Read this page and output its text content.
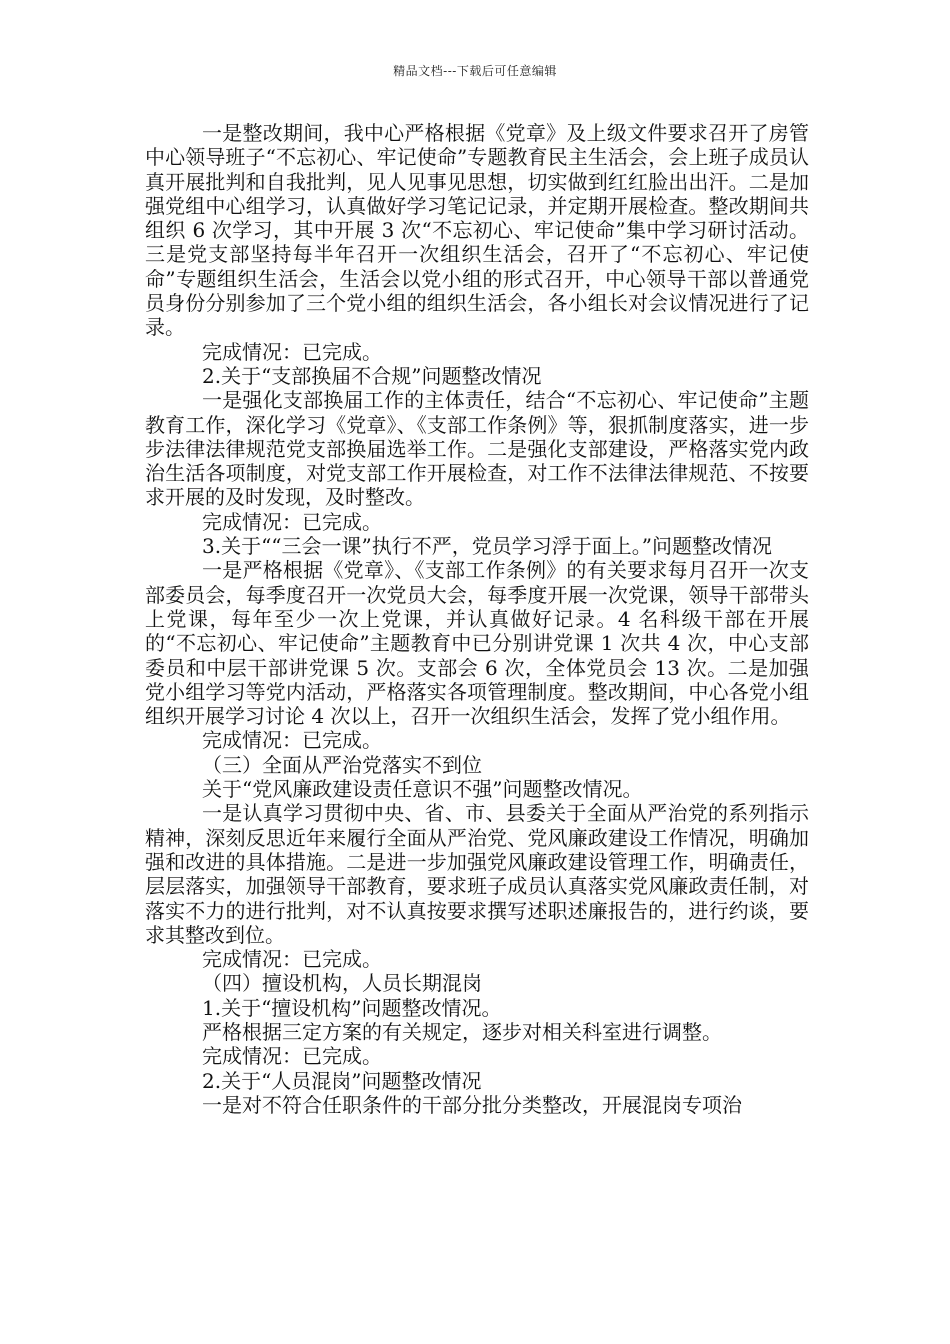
精品文档---下载后可任意编辑

一是整改期间，我中心严格根据《党章》及上级文件要求召开了房管中心领导班子“不忘初心、牢记使命”专题教育民主生活会，会上班子成员认真开展批判和自我批判，见人见事见思想，切实做到红红脸出出汗。二是加强党组中心组学习，认真做好学习笔记记录，并定期开展检查。整改期间共组织 6 次学习，其中开展 3 次“不忘初心、牢记使命”集中学习研讨活动。三是党支部坚持每半年召开一次组织生活会，召开了“不忘初心、牢记使命”专题组织生活会，生活会以党小组的形式召开，中心领导干部以普通党员身份分别参加了三个党小组的组织生活会，各小组长对会议情况进行了记录。

完成情况：已完成。

2.关于“支部换届不合规”问题整改情况

一是强化支部换届工作的主体责任，结合“不忘初心、牢记使命”主题教育工作，深化学习《党章》、《支部工作条例》等，狠抓制度落实，进一步步法律法律规范党支部换届选举工作。二是强化支部建设，严格落实党内政治生活各项制度，对党支部工作开展检查，对工作不法律法律规范、不按要求开展的及时发现，及时整改。

完成情况：已完成。

3.关于““三会一课”执行不严，党员学习浮于面上。”问题整改情况

一是严格根据《党章》、《支部工作条例》的有关要求每月召开一次支部委员会，每季度召开一次党员大会，每季度开展一次党课，领导干部带头上党课，每年至少一次上党课，并认真做好记录。4 名科级干部在开展的“不忘初心、牢记使命”主题教育中已分别讲党课 1 次共 4 次，中心支部委员和中层干部讲党课 5 次。支部会 6 次，全体党员会 13 次。二是加强党小组学习等党内活动，严格落实各项管理制度。整改期间，中心各党小组组织开展学习讨论 4 次以上，召开一次组织生活会，发挥了党小组作用。

完成情况：已完成。

（三）全面从严治党落实不到位

关于“党风廉政建设责任意识不强”问题整改情况。

一是认真学习贯彻中央、省、市、县委关于全面从严治党的系列指示精神，深刻反思近年来履行全面从严治党、党风廉政建设工作情况，明确加强和改进的具体措施。二是进一步加强党风廉政建设管理工作，明确责任，层层落实，加强领导干部教育，要求班子成员认真落实党风廉政责任制，对落实不力的进行批判，对不认真按要求撰写述职述廉报告的，进行约谈，要求其整改到位。

完成情况：已完成。

（四）擅设机构，人员长期混岗

1.关于“擅设机构”问题整改情况。

严格根据三定方案的有关规定，逐步对相关科室进行调整。

完成情况：已完成。

2.关于“人员混岗”问题整改情况

一是对不符合任职条件的干部分批分类整改，开展混岗专项治
